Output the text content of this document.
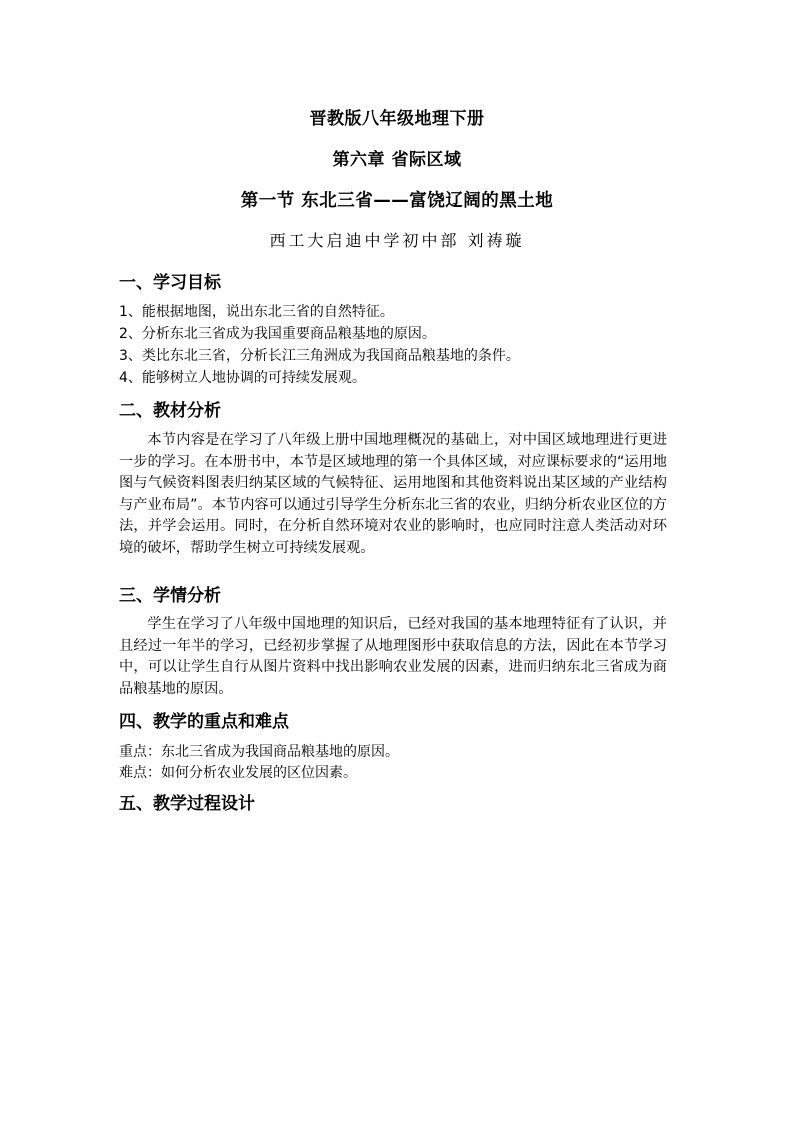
晋教版八年级地理下册
第六章 省际区域
第一节 东北三省——富饶辽阔的黑土地
西工大启迪中学初中部 刘祷璇
一、学习目标
1、能根据地图，说出东北三省的自然特征。
2、分析东北三省成为我国重要商品粮基地的原因。
3、类比东北三省，分析长江三角洲成为我国商品粮基地的条件。
4、能够树立人地协调的可持续发展观。
二、教材分析
本节内容是在学习了八年级上册中国地理概况的基础上，对中国区域地理进行更进一步的学习。在本册书中，本节是区域地理的第一个具体区域，对应课标要求的“运用地图与气候资料图表归纳某区域的气候特征、运用地图和其他资料说出某区域的产业结构与产业布局”。本节内容可以通过引导学生分析东北三省的农业，归纳分析农业区位的方法，并学会运用。同时，在分析自然环境对农业的影响时，也应同时注意人类活动对环境的破坏，帮助学生树立可持续发展观。
三、学情分析
学生在学习了八年级中国地理的知识后，已经对我国的基本地理特征有了认识，并且经过一年半的学习，已经初步掌握了从地理图形中获取信息的方法，因此在本节学习中，可以让学生自行从图片资料中找出影响农业发展的因素，进而归纳东北三省成为商品粮基地的原因。
四、教学的重点和难点
重点：东北三省成为我国商品粮基地的原因。
难点：如何分析农业发展的区位因素。
五、教学过程设计
